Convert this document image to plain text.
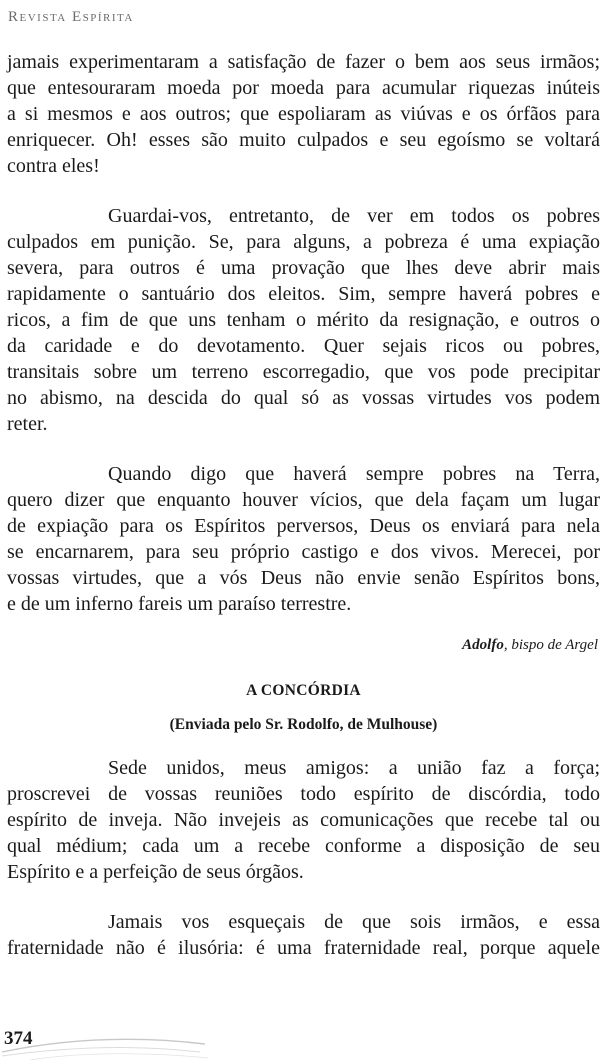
Revista Espírita

jamais experimentaram a satisfação de fazer o bem aos seus irmãos;
que entesouraram moeda por moeda para acumular riquezas inúteis
a si mesmos e aos outros; que espoliaram as viúvas e os órfãos para
enriquecer. Oh! esses são muito culpados e seu egoísmo se voltará
contra eles!

Guardai-vos, entretanto, de ver em todos os pobres
culpados em punição. Se, para alguns, a pobreza é uma expiação
severa, para outros é uma provação que lhes deve abrir mais
rapidamente o santuário dos eleitos. Sim, sempre haverá pobres e
ricos, a fim de que uns tenham o mérito da resignação, e outros o
da caridade e do devotamento. Quer sejais ricos ou pobres,
transitais sobre um terreno escorregadio, que vos pode precipitar
no abismo, na descida do qual só as vossas virtudes vos podem
reter.

Quando digo que haverá sempre pobres na Terra,
quero dizer que enquanto houver vícios, que dela façam um lugar
de expiação para os Espíritos perversos, Deus os enviará para nela
se encarnarem, para seu próprio castigo e dos vivos. Merecei, por
vossas virtudes, que a vós Deus não envie senão Espíritos bons,
e de um inferno fareis um paraíso terrestre.

Adolfo, bispo de Argel
A CONCÓRDIA
(Enviada pelo Sr. Rodolfo, de Mulhouse)

Sede unidos, meus amigos: a união faz a força;
proscrevei de vossas reuniões todo espírito de discórdia, todo
espírito de inveja. Não invejeis as comunicações que recebe tal ou
qual médium; cada um a recebe conforme a disposição de seu
Espírito e a perfeição de seus órgãos.

Jamais vos esqueçais de que sois irmãos, e essa
fraternidade não é ilusória: é uma fraternidade real, porque aquele

374
